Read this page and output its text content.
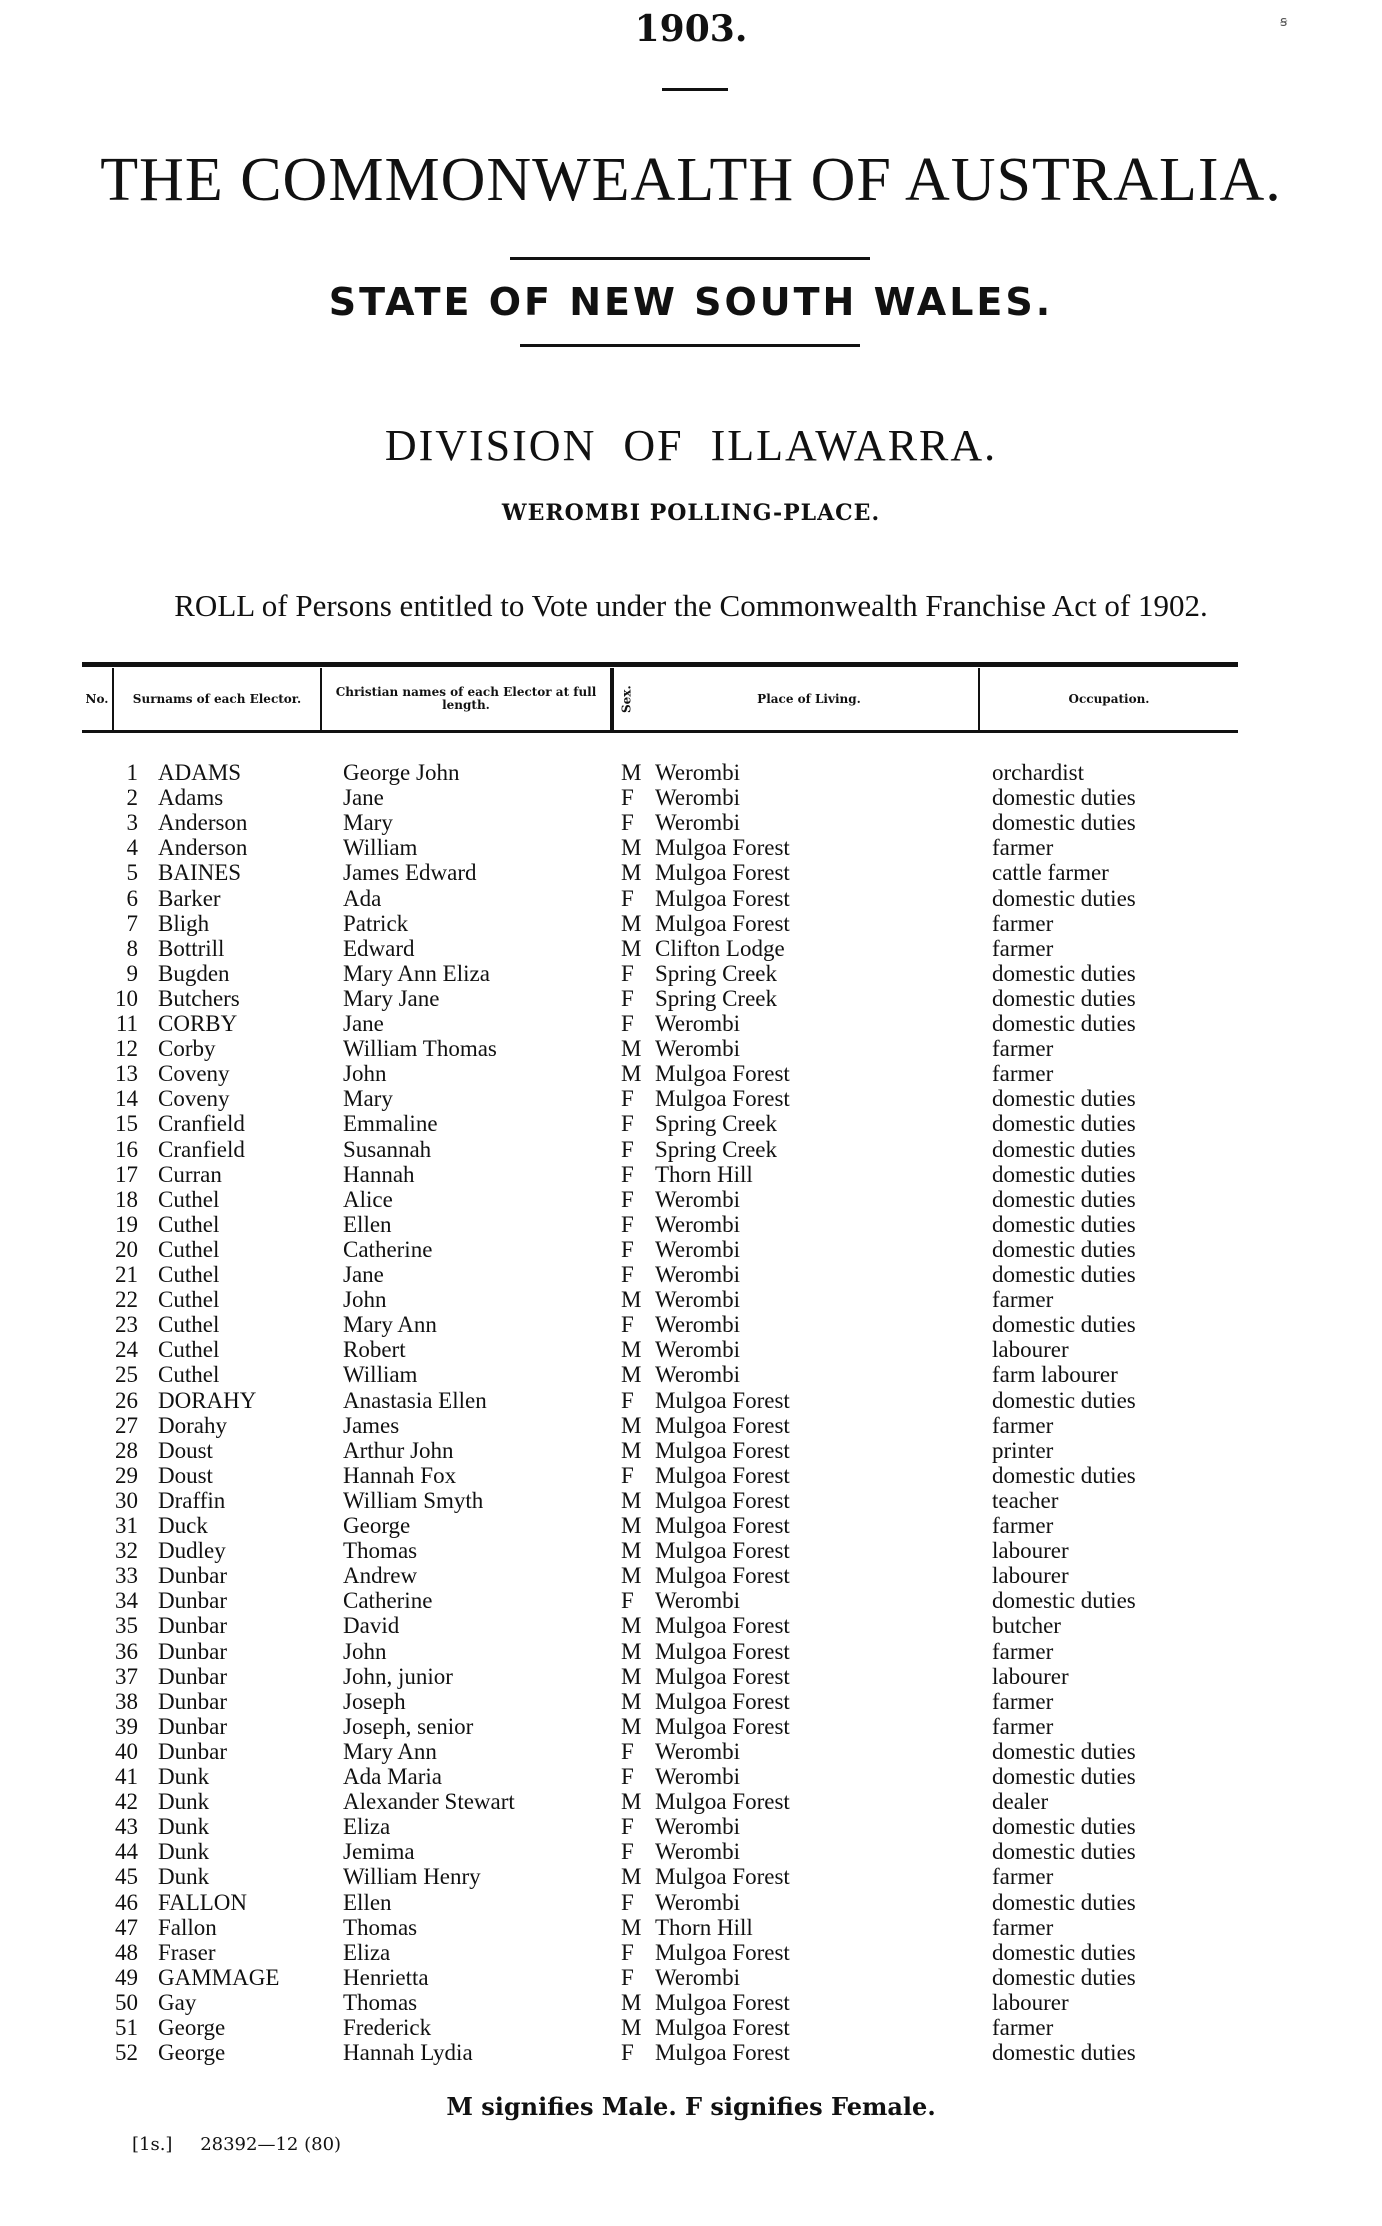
1903.	ꞩ
THE COMMONWEALTH OF AUSTRALIA.
STATE OF NEW SOUTH WALES.
DIVISION OF ILLAWARRA.
WEROMBI POLLING-PLACE.
ROLL of Persons entitled to Vote under the Commonwealth Franchise Act of 1902.
No.	Surnams of each Elector.	Christian names of each Elector at full length.	Sex.	Place of Living.	Occupation.
1 ADAMS	George John	M Werombi	orchardist
2 Adams	Jane	F Werombi	domestic duties
3 Anderson	Mary	F Werombi	domestic duties
4 Anderson	William	M Mulgoa Forest	farmer
5 BAINES	James Edward	M Mulgoa Forest	cattle farmer
6 Barker	Ada	F Mulgoa Forest	domestic duties
7 Bligh	Patrick	M Mulgoa Forest	farmer
8 Bottrill	Edward	M Clifton Lodge	farmer
9 Bugden	Mary Ann Eliza	F Spring Creek	domestic duties
10 Butchers	Mary Jane	F Spring Creek	domestic duties
11 CORBY	Jane	F Werombi	domestic duties
12 Corby	William Thomas	M Werombi	farmer
13 Coveny	John	M Mulgoa Forest	farmer
14 Coveny	Mary	F Mulgoa Forest	domestic duties
15 Cranfield	Emmaline	F Spring Creek	domestic duties
16 Cranfield	Susannah	F Spring Creek	domestic duties
17 Curran	Hannah	F Thorn Hill	domestic duties
18 Cuthel	Alice	F Werombi	domestic duties
19 Cuthel	Ellen	F Werombi	domestic duties
20 Cuthel	Catherine	F Werombi	domestic duties
21 Cuthel	Jane	F Werombi	domestic duties
22 Cuthel	John	M Werombi	farmer
23 Cuthel	Mary Ann	F Werombi	domestic duties
24 Cuthel	Robert	M Werombi	labourer
25 Cuthel	William	M Werombi	farm labourer
26 DORAHY	Anastasia Ellen	F Mulgoa Forest	domestic duties
27 Dorahy	James	M Mulgoa Forest	farmer
28 Doust	Arthur John	M Mulgoa Forest	printer
29 Doust	Hannah Fox	F Mulgoa Forest	domestic duties
30 Draffin	William Smyth	M Mulgoa Forest	teacher
31 Duck	George	M Mulgoa Forest	farmer
32 Dudley	Thomas	M Mulgoa Forest	labourer
33 Dunbar	Andrew	M Mulgoa Forest	labourer
34 Dunbar	Catherine	F Werombi	domestic duties
35 Dunbar	David	M Mulgoa Forest	butcher
36 Dunbar	John	M Mulgoa Forest	farmer
37 Dunbar	John, junior	M Mulgoa Forest	labourer
38 Dunbar	Joseph	M Mulgoa Forest	farmer
39 Dunbar	Joseph, senior	M Mulgoa Forest	farmer
40 Dunbar	Mary Ann	F Werombi	domestic duties
41 Dunk	Ada Maria	F Werombi	domestic duties
42 Dunk	Alexander Stewart	M Mulgoa Forest	dealer
43 Dunk	Eliza	F Werombi	domestic duties
44 Dunk	Jemima	F Werombi	domestic duties
45 Dunk	William Henry	M Mulgoa Forest	farmer
46 FALLON	Ellen	F Werombi	domestic duties
47 Fallon	Thomas	M Thorn Hill	farmer
48 Fraser	Eliza	F Mulgoa Forest	domestic duties
49 GAMMAGE	Henrietta	F Werombi	domestic duties
50 Gay	Thomas	M Mulgoa Forest	labourer
51 George	Frederick	M Mulgoa Forest	farmer
52 George	Hannah Lydia	F Mulgoa Forest	domestic duties
M signifies Male. F signifies Female.
[1s.] 28392—12 (80)
